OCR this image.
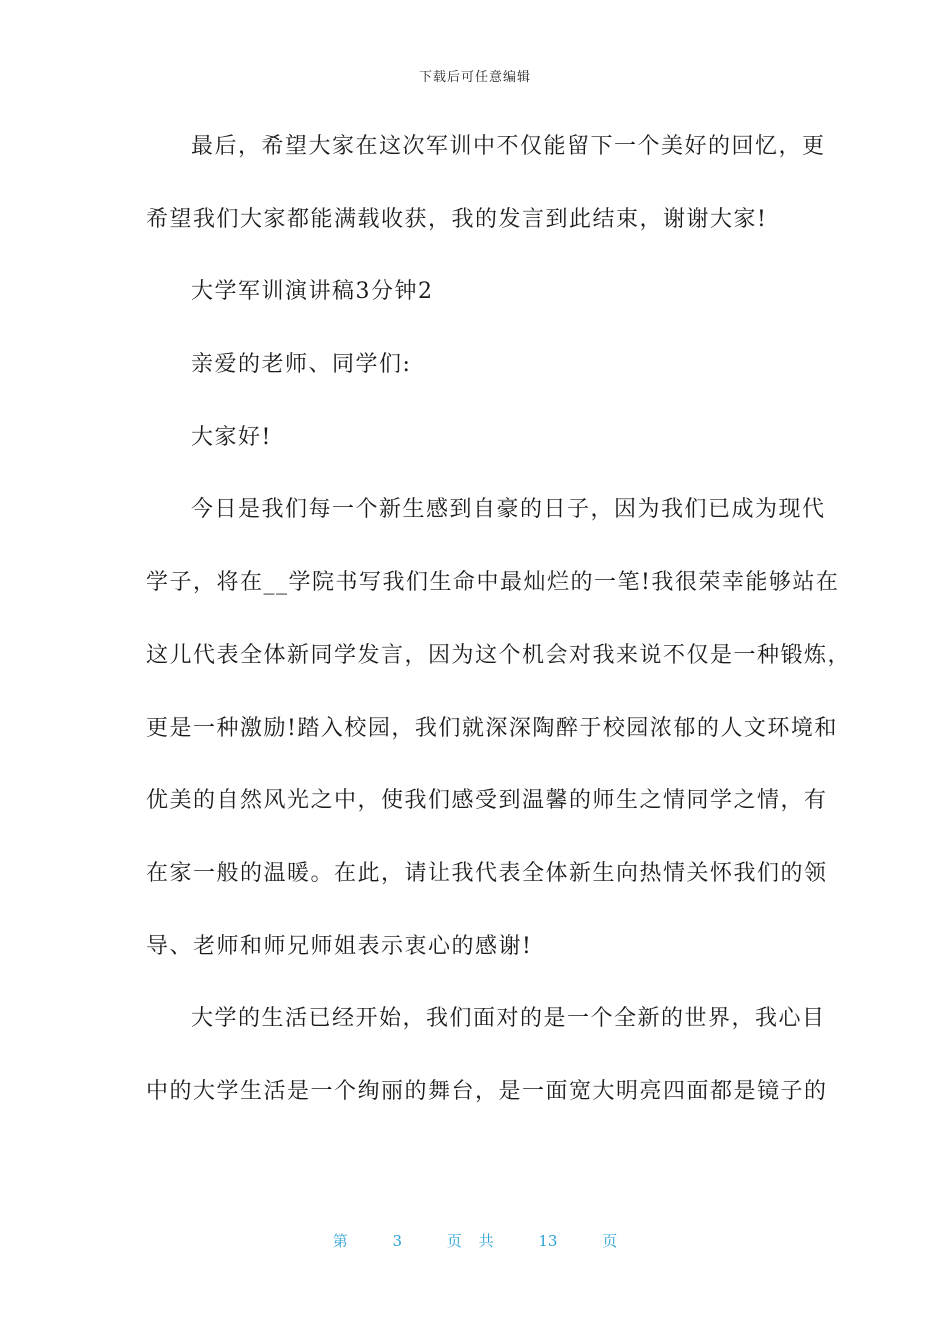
下载后可任意编辑
最后，希望大家在这次军训中不仅能留下一个美好的回忆，更
希望我们大家都能满载收获，我的发言到此结束，谢谢大家!
大学军训演讲稿3分钟2
亲爱的老师、同学们:
大家好!
今日是我们每一个新生感到自豪的日子，因为我们已成为现代
学子，将在__学院书写我们生命中最灿烂的一笔!我很荣幸能够站在
这儿代表全体新同学发言，因为这个机会对我来说不仅是一种锻炼，
更是一种激励!踏入校园，我们就深深陶醉于校园浓郁的人文环境和
优美的自然风光之中，使我们感受到温馨的师生之情同学之情，有
在家一般的温暖。在此，请让我代表全体新生向热情关怀我们的领
导、老师和师兄师姐表示衷心的感谢!
大学的生活已经开始，我们面对的是一个全新的世界，我心目
中的大学生活是一个绚丽的舞台，是一面宽大明亮四面都是镜子的
第	3	页 共	13	页
